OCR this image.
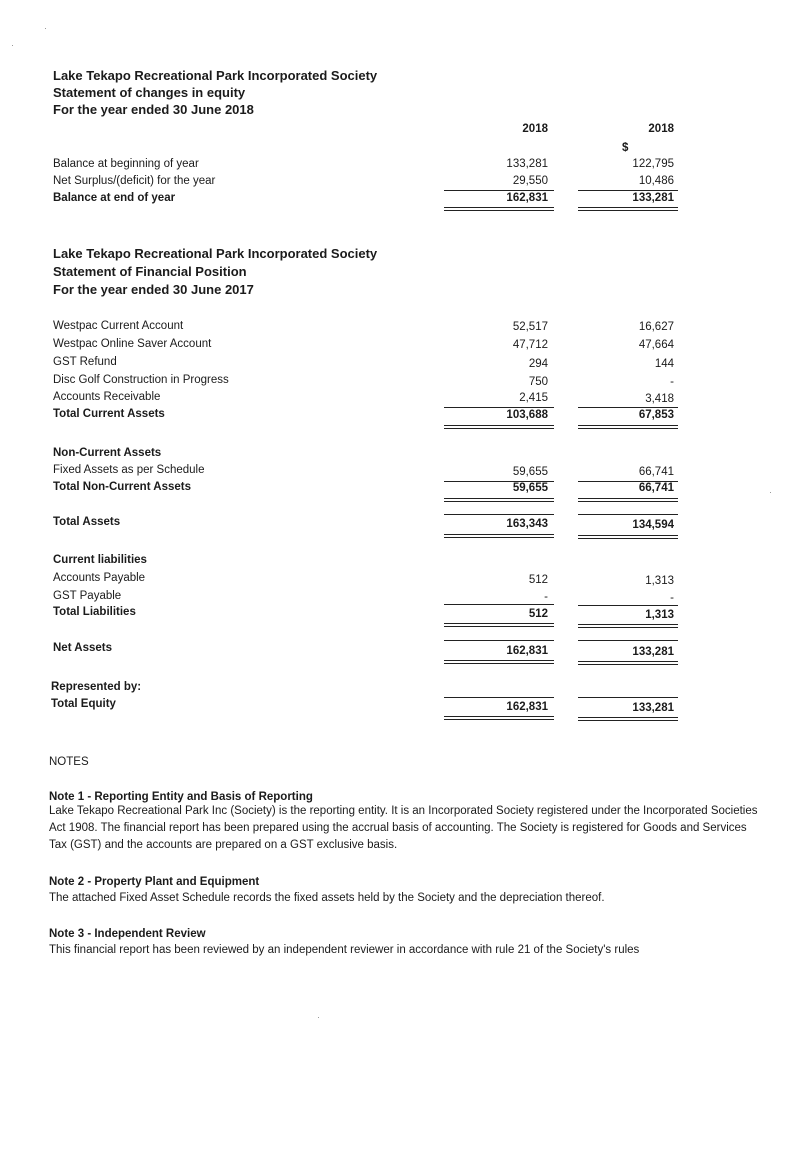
Lake Tekapo Recreational Park Incorporated Society
Statement of changes in equity
For the year ended 30 June 2018
2018	2018
$
Balance at beginning of year	133,281	122,795
Net Surplus/(deficit) for the year	29,550	10,486
Balance at end of year	162,831	133,281
Lake Tekapo Recreational Park Incorporated Society
Statement of Financial Position
For the year ended 30 June 2017
Westpac Current Account	52,517	16,627
Westpac Online Saver Account	47,712	47,664
GST Refund	294	144
Disc Golf Construction in Progress	750	-
Accounts Receivable	2,415	3,418
Total Current Assets	103,688	67,853
Non-Current Assets
Fixed Assets as per Schedule	59,655	66,741
Total Non-Current Assets	59,655	66,741
Total Assets	163,343	134,594
Current liabilities
Accounts Payable	512	1,313
GST Payable	-	-
Total Liabilities	512	1,313
Net Assets	162,831	133,281
Represented by:
Total Equity	162,831	133,281
NOTES
Note 1 - Reporting Entity and Basis of Reporting
Lake Tekapo Recreational Park Inc (Society) is the reporting entity. It is an Incorporated Society registered under the Incorporated Societies Act 1908. The financial report has been prepared using the accrual basis of accounting. The Society is registered for Goods and Services Tax (GST) and the accounts are prepared on a GST exclusive basis.
Note 2 - Property Plant and Equipment
The attached Fixed Asset Schedule records the fixed assets held by the Society and the depreciation thereof.
Note 3 - Independent Review
This financial report has been reviewed by an independent reviewer in accordance with rule 21 of the Society's rules
